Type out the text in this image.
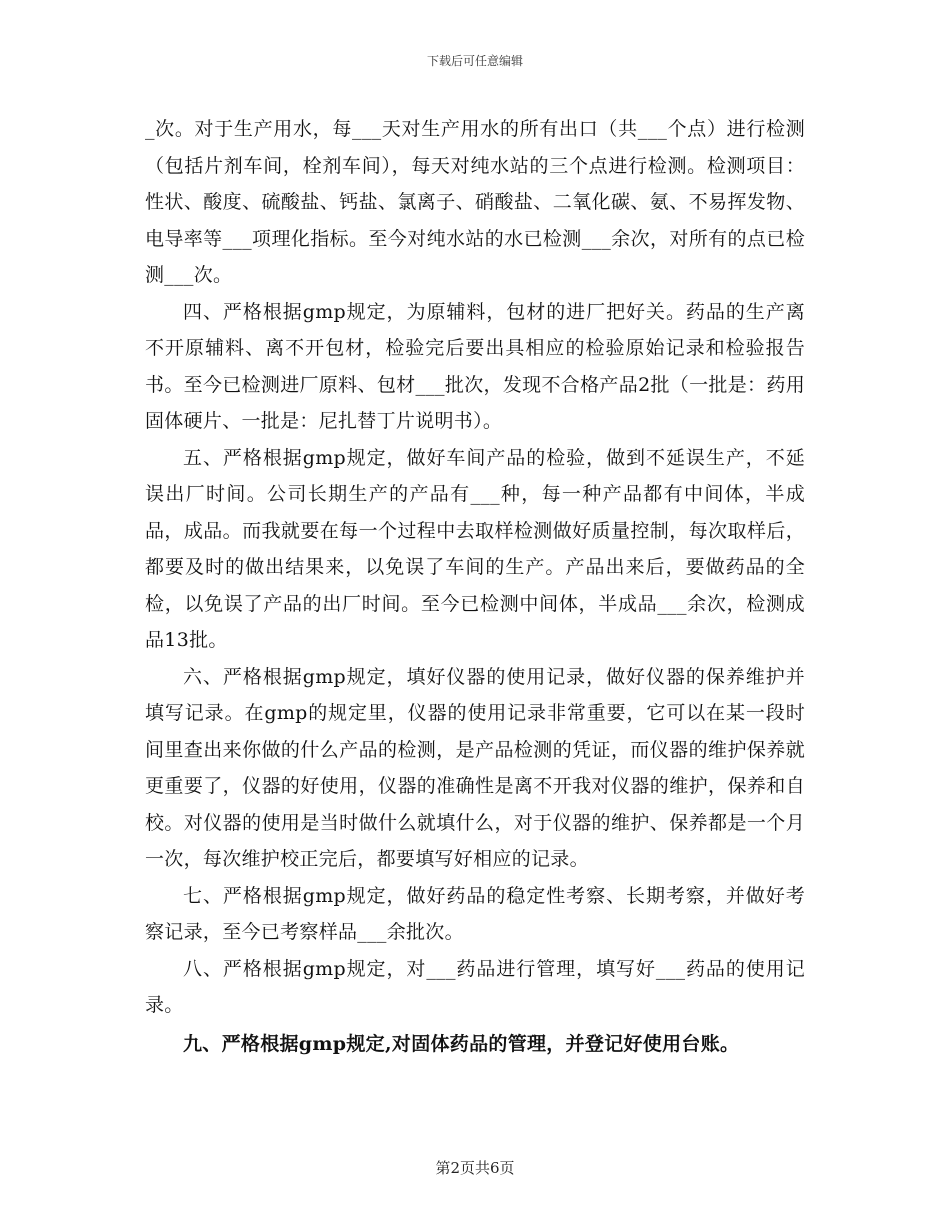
下载后可任意编辑

_次。对于生产用水，每___天对生产用水的所有出口（共___个点）进行检测（包括片剂车间，栓剂车间），每天对纯水站的三个点进行检测。检测项目：性状、酸度、硫酸盐、钙盐、氯离子、硝酸盐、二氧化碳、氨、不易挥发物、电导率等___项理化指标。至今对纯水站的水已检测___余次，对所有的点已检测___次。

四、严格根据gmp规定，为原辅料，包材的进厂把好关。药品的生产离不开原辅料、离不开包材，检验完后要出具相应的检验原始记录和检验报告书。至今已检测进厂原料、包材___批次，发现不合格产品2批（一批是：药用固体硬片、一批是：尼扎替丁片说明书）。

五、严格根据gmp规定，做好车间产品的检验，做到不延误生产，不延误出厂时间。公司长期生产的产品有___种，每一种产品都有中间体，半成品，成品。而我就要在每一个过程中去取样检测做好质量控制，每次取样后，都要及时的做出结果来，以免误了车间的生产。产品出来后，要做药品的全检，以免误了产品的出厂时间。至今已检测中间体，半成品___余次，检测成品13批。

六、严格根据gmp规定，填好仪器的使用记录，做好仪器的保养维护并填写记录。在gmp的规定里，仪器的使用记录非常重要，它可以在某一段时间里查出来你做的什么产品的检测，是产品检测的凭证，而仪器的维护保养就更重要了，仪器的好使用，仪器的准确性是离不开我对仪器的维护，保养和自校。对仪器的使用是当时做什么就填什么，对于仪器的维护、保养都是一个月一次，每次维护校正完后，都要填写好相应的记录。

七、严格根据gmp规定，做好药品的稳定性考察、长期考察，并做好考察记录，至今已考察样品___余批次。

八、严格根据gmp规定，对___药品进行管理，填写好___药品的使用记录。

九、严格根据gmp规定,对固体药品的管理，并登记好使用台账。

第2页共6页
